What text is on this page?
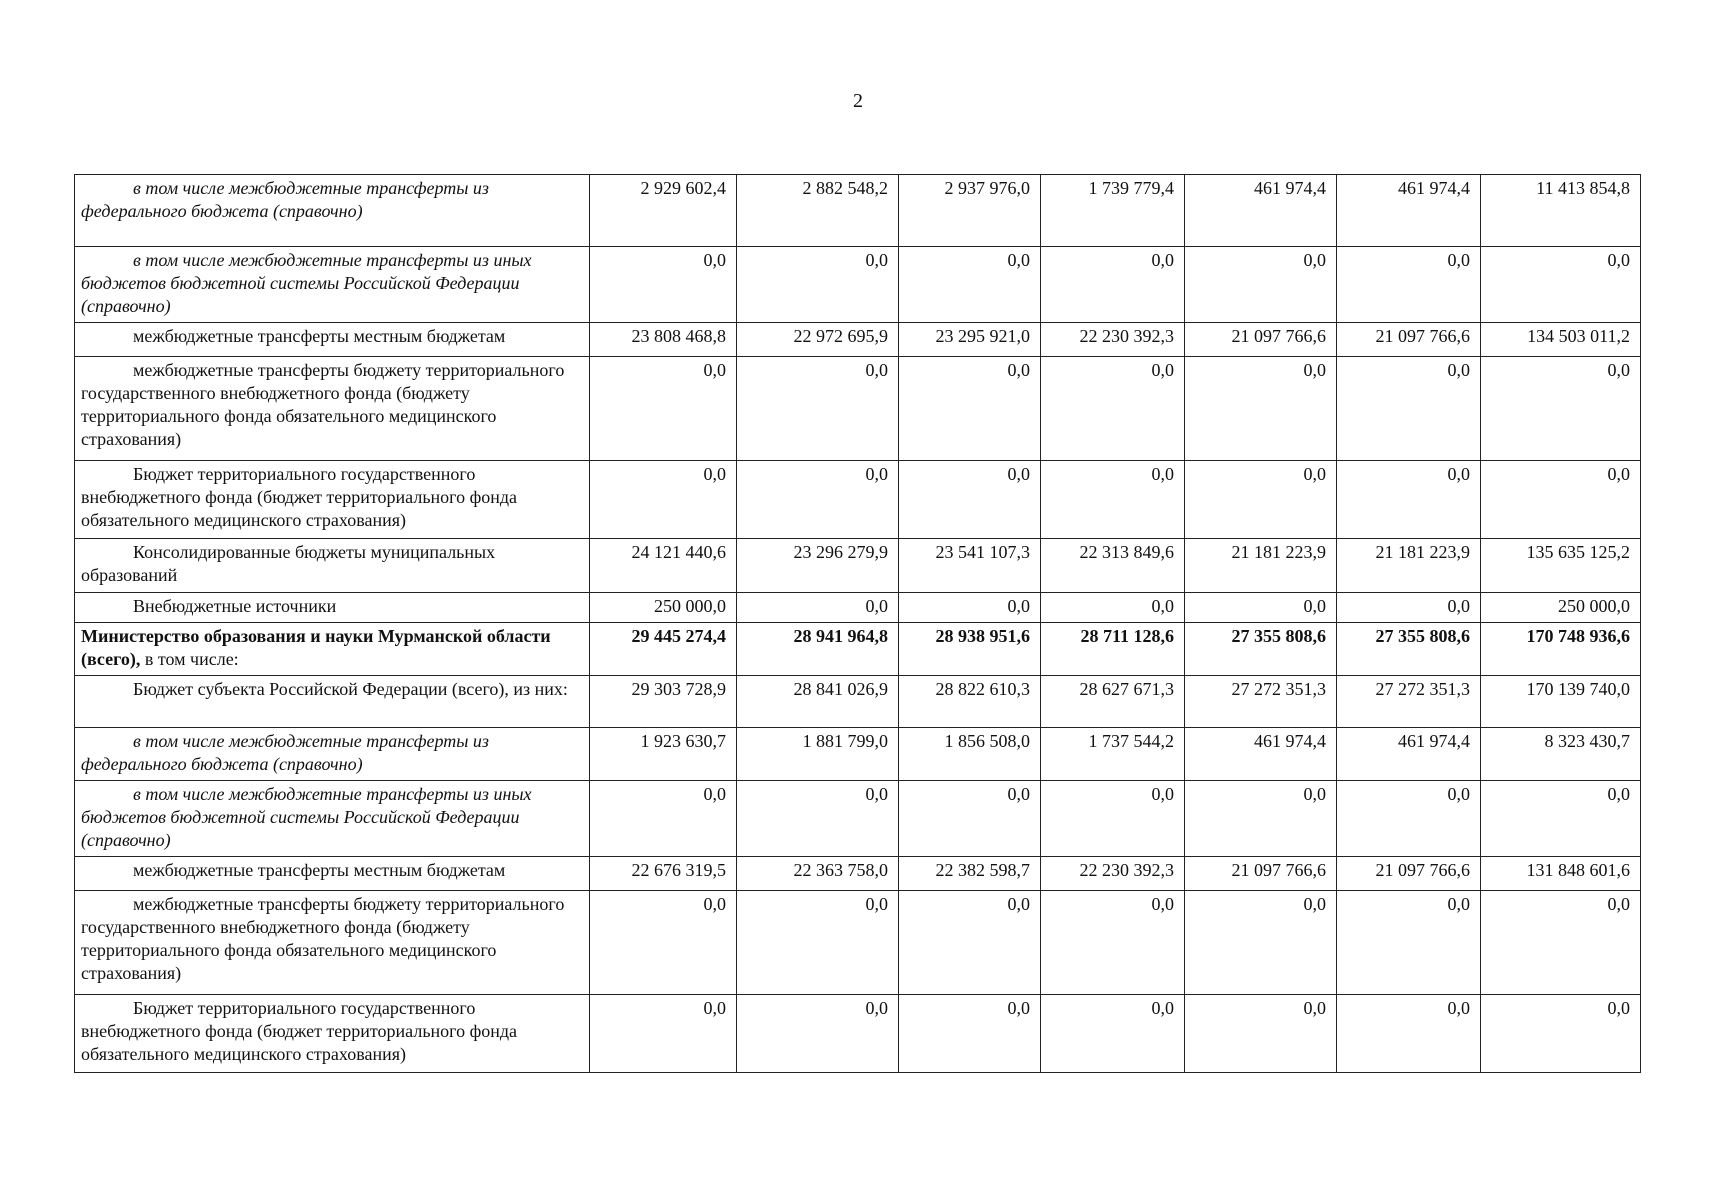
2
в том числе межбюджетные трансферты из федерального бюджета (справочно)	2 929 602,4	2 882 548,2	2 937 976,0	1 739 779,4	461 974,4	461 974,4	11 413 854,8
в том числе межбюджетные трансферты из иных бюджетов бюджетной системы Российской Федерации (справочно)	0,0	0,0	0,0	0,0	0,0	0,0	0,0
межбюджетные трансферты местным бюджетам	23 808 468,8	22 972 695,9	23 295 921,0	22 230 392,3	21 097 766,6	21 097 766,6	134 503 011,2
межбюджетные трансферты бюджету территориального государственного внебюджетного фонда (бюджету территориального фонда обязательного медицинского страхования)	0,0	0,0	0,0	0,0	0,0	0,0	0,0
Бюджет территориального государственного внебюджетного фонда (бюджет территориального фонда обязательного медицинского страхования)	0,0	0,0	0,0	0,0	0,0	0,0	0,0
Консолидированные бюджеты муниципальных образований	24 121 440,6	23 296 279,9	23 541 107,3	22 313 849,6	21 181 223,9	21 181 223,9	135 635 125,2
Внебюджетные источники	250 000,0	0,0	0,0	0,0	0,0	0,0	250 000,0
Министерство образования и науки Мурманской области (всего), в том числе:	29 445 274,4	28 941 964,8	28 938 951,6	28 711 128,6	27 355 808,6	27 355 808,6	170 748 936,6
Бюджет субъекта Российской Федерации (всего), из них:	29 303 728,9	28 841 026,9	28 822 610,3	28 627 671,3	27 272 351,3	27 272 351,3	170 139 740,0
в том числе межбюджетные трансферты из федерального бюджета (справочно)	1 923 630,7	1 881 799,0	1 856 508,0	1 737 544,2	461 974,4	461 974,4	8 323 430,7
в том числе межбюджетные трансферты из иных бюджетов бюджетной системы Российской Федерации (справочно)	0,0	0,0	0,0	0,0	0,0	0,0	0,0
межбюджетные трансферты местным бюджетам	22 676 319,5	22 363 758,0	22 382 598,7	22 230 392,3	21 097 766,6	21 097 766,6	131 848 601,6
межбюджетные трансферты бюджету территориального государственного внебюджетного фонда (бюджету территориального фонда обязательного медицинского страхования)	0,0	0,0	0,0	0,0	0,0	0,0	0,0
Бюджет территориального государственного внебюджетного фонда (бюджет территориального фонда обязательного медицинского страхования)	0,0	0,0	0,0	0,0	0,0	0,0	0,0
